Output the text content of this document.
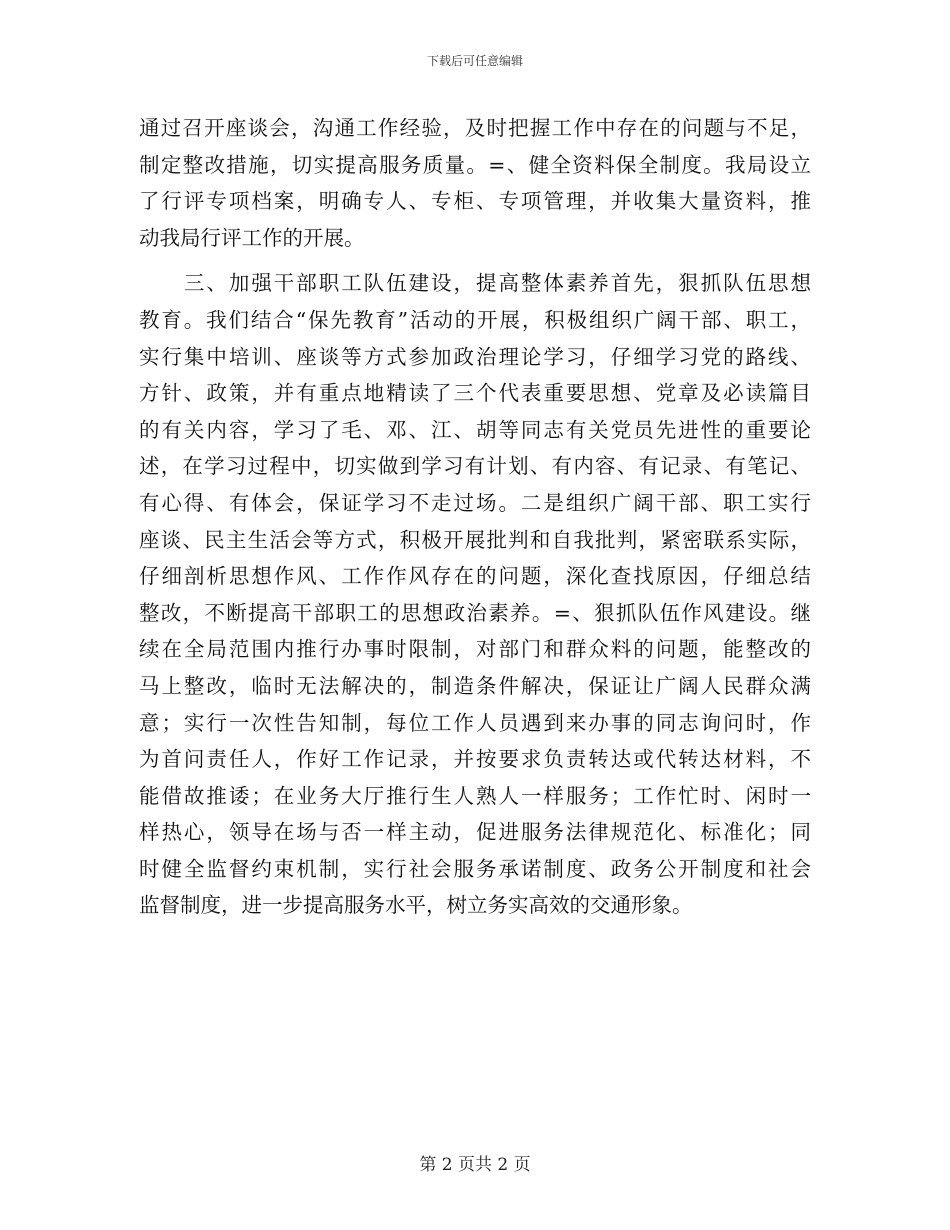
下载后可任意编辑
通过召开座谈会，沟通工作经验，及时把握工作中存在的问题与不足，
制定整改措施，切实提高服务质量。=、健全资料保全制度。我局设立
了行评专项档案，明确专人、专柜、专项管理，并收集大量资料，推
动我局行评工作的开展。
　　三、加强干部职工队伍建设，提高整体素养首先，狠抓队伍思想
教育。我们结合“保先教育”活动的开展，积极组织广阔干部、职工，
实行集中培训、座谈等方式参加政治理论学习，仔细学习党的路线、
方针、政策，并有重点地精读了三个代表重要思想、党章及必读篇目
的有关内容，学习了毛、邓、江、胡等同志有关党员先进性的重要论
述，在学习过程中，切实做到学习有计划、有内容、有记录、有笔记、
有心得、有体会，保证学习不走过场。二是组织广阔干部、职工实行
座谈、民主生活会等方式，积极开展批判和自我批判，紧密联系实际，
仔细剖析思想作风、工作作风存在的问题，深化查找原因，仔细总结
整改，不断提高干部职工的思想政治素养。=、狠抓队伍作风建设。继
续在全局范围内推行办事时限制，对部门和群众料的问题，能整改的
马上整改，临时无法解决的，制造条件解决，保证让广阔人民群众满
意；实行一次性告知制，每位工作人员遇到来办事的同志询问时，作
为首问责任人，作好工作记录，并按要求负责转达或代转达材料，不
能借故推诿；在业务大厅推行生人熟人一样服务；工作忙时、闲时一
样热心，领导在场与否一样主动，促进服务法律规范化、标准化；同
时健全监督约束机制，实行社会服务承诺制度、政务公开制度和社会
监督制度，进一步提高服务水平，树立务实高效的交通形象。
第 2 页共 2 页
